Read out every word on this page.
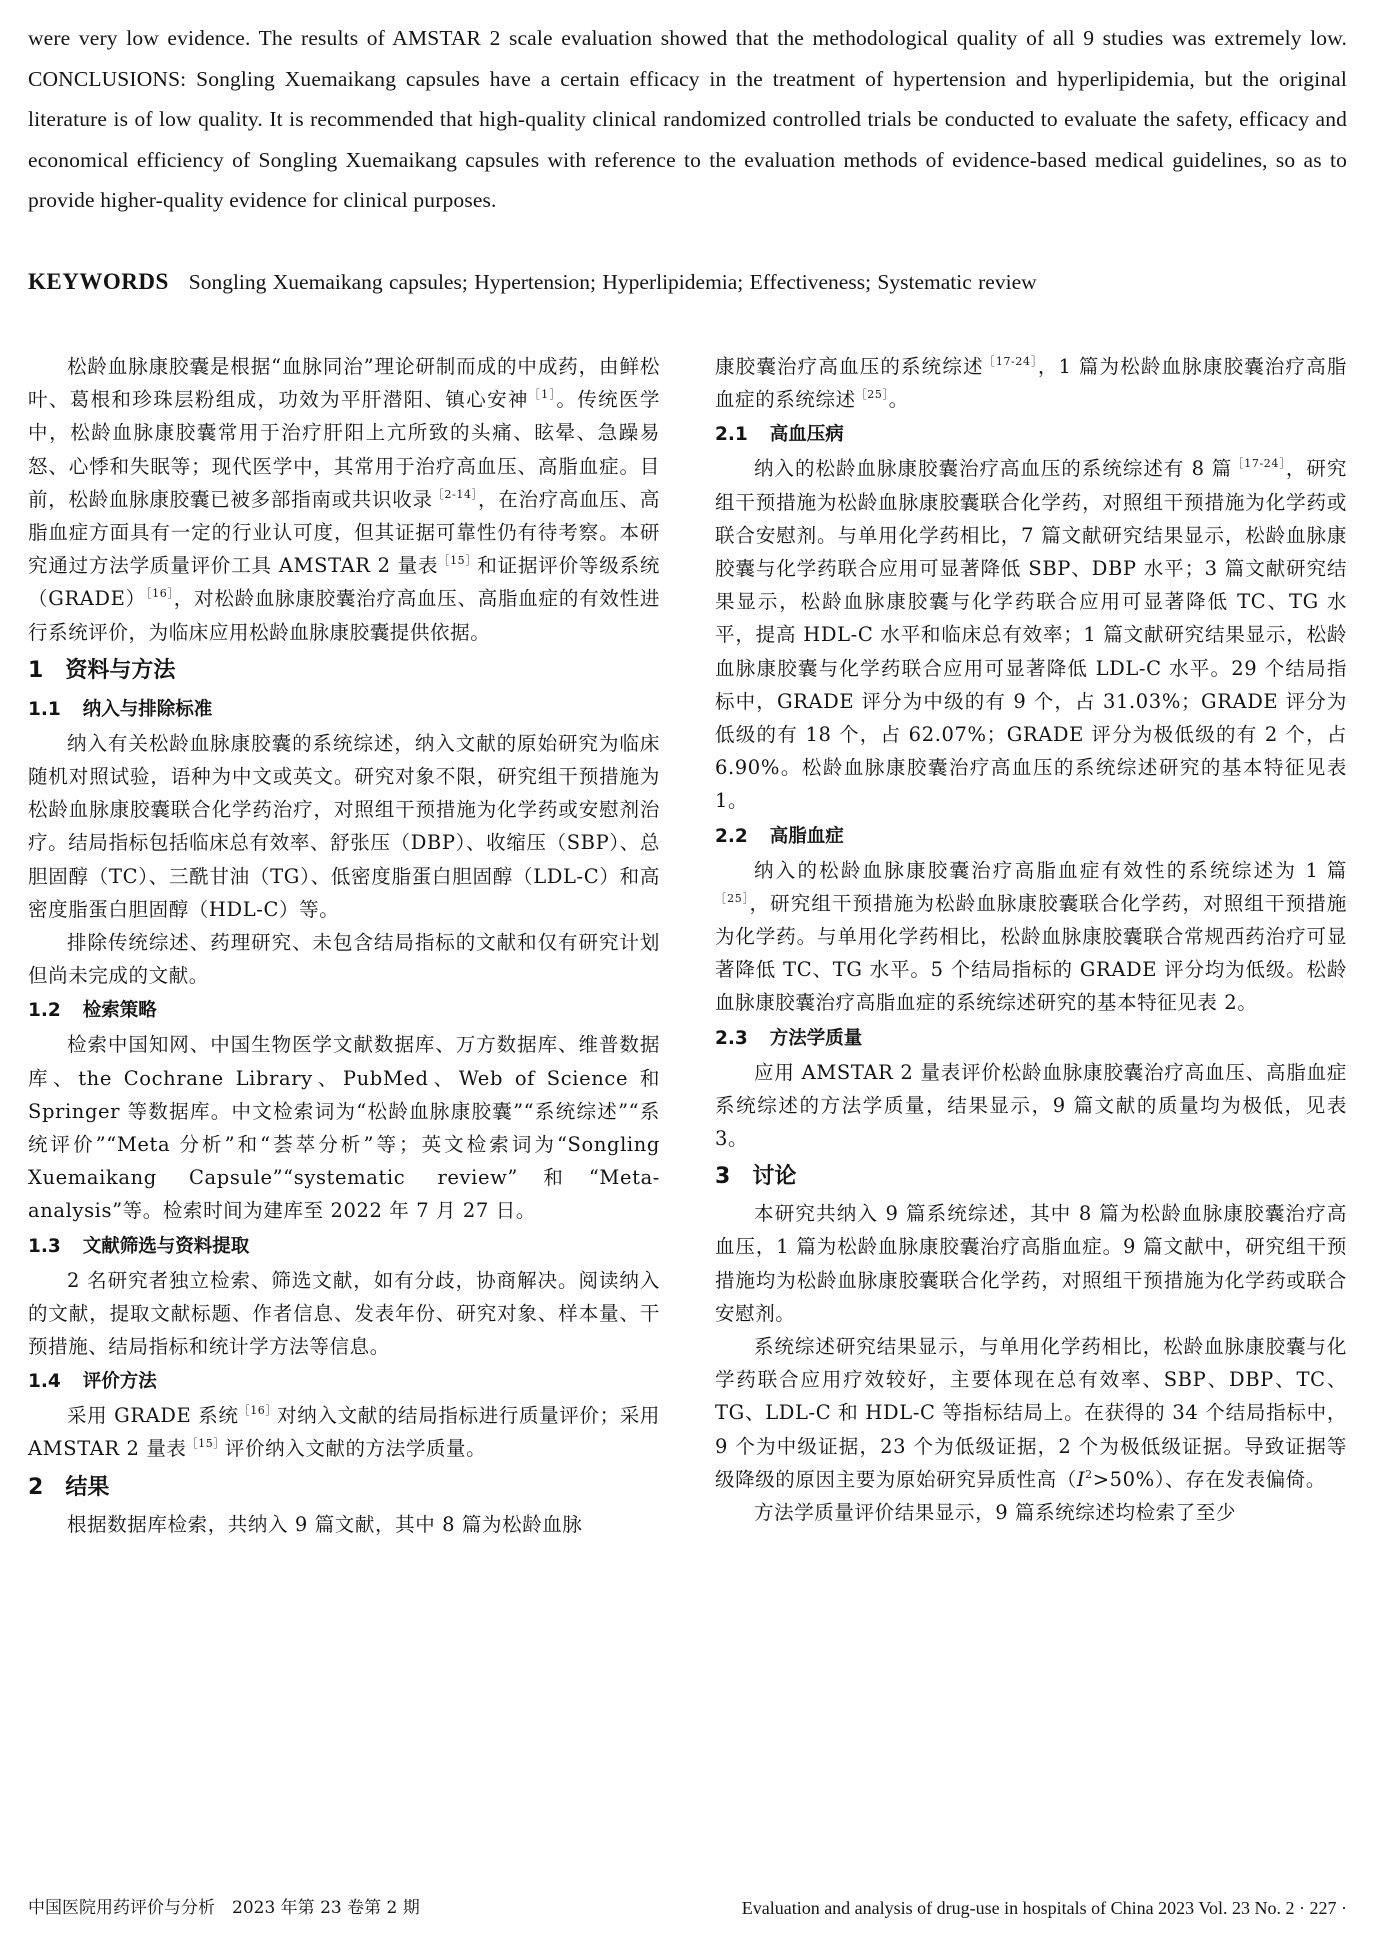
were very low evidence. The results of AMSTAR 2 scale evaluation showed that the methodological quality of all 9 studies was extremely low. CONCLUSIONS: Songling Xuemaikang capsules have a certain efficacy in the treatment of hypertension and hyperlipidemia, but the original literature is of low quality. It is recommended that high-quality clinical randomized controlled trials be conducted to evaluate the safety, efficacy and economical efficiency of Songling Xuemaikang capsules with reference to the evaluation methods of evidence-based medical guidelines, so as to provide higher-quality evidence for clinical purposes.
KEYWORDS Songling Xuemaikang capsules; Hypertension; Hyperlipidemia; Effectiveness; Systematic review

松龄血脉康胶囊是根据“血脉同治”理论研制而成的中成药，由鲜松叶、葛根和珍珠层粉组成，功效为平肝潜阳、镇心安神$^{[1]}$。传统医学中，松龄血脉康胶囊常用于治疗肝阳上亢所致的头痛、眩晕、急躁易怒、心悸和失眠等；现代医学中，其常用于治疗高血压、高脂血症。目前，松龄血脉康胶囊已被多部指南或共识收录$^{[2-14]}$，在治疗高血压、高脂血症方面具有一定的行业认可度，但其证据可靠性仍有待考察。本研究通过方法学质量评价工具 AMSTAR 2 量表$^{[15]}$和证据评价等级系统（GRADE）$^{[16]}$，对松龄血脉康胶囊治疗高血压、高脂血症的有效性进行系统评价，为临床应用松龄血脉康胶囊提供依据。

1 资料与方法
1.1 纳入与排除标准

纳入有关松龄血脉康胶囊的系统综述，纳入文献的原始研究为临床随机对照试验，语种为中文或英文。研究对象不限，研究组干预措施为松龄血脉康胶囊联合化学药治疗，对照组干预措施为化学药或安慰剂治疗。结局指标包括临床总有效率、舒张压（DBP）、收缩压（SBP）、总胆固醇（TC）、三酰甘油（TG）、低密度脂蛋白胆固醇（LDL-C）和高密度脂蛋白胆固醇（HDL-C）等。

排除传统综述、药理研究、未包含结局指标的文献和仅有研究计划但尚未完成的文献。

1.2 检索策略

检索中国知网、中国生物医学文献数据库、万方数据库、维普数据库、the Cochrane Library、PubMed、Web of Science 和 Springer 等数据库。中文检索词为“松龄血脉康胶囊”“系统综述”“系统评价”“Meta 分析”和“荟萃分析”等；英文检索词为“Songling Xuemaikang Capsule”“systematic review”和“Meta-analysis”等。检索时间为建库至 2022 年 7 月 27 日。

1.3 文献筛选与资料提取

2 名研究者独立检索、筛选文献，如有分歧，协商解决。阅读纳入的文献，提取文献标题、作者信息、发表年份、研究对象、样本量、干预措施、结局指标和统计学方法等信息。

1.4 评价方法

采用 GRADE 系统$^{[16]}$对纳入文献的结局指标进行质量评价；采用 AMSTAR 2 量表$^{[15]}$评价纳入文献的方法学质量。

2 结果

根据数据库检索，共纳入 9 篇文献，其中 8 篇为松龄血脉

康胶囊治疗高血压的系统综述$^{[17-24]}$，1 篇为松龄血脉康胶囊治疗高脂血症的系统综述$^{[25]}$。

2.1 高血压病

纳入的松龄血脉康胶囊治疗高血压的系统综述有 8 篇$^{[17-24]}$，研究组干预措施为松龄血脉康胶囊联合化学药，对照组干预措施为化学药或联合安慰剂。与单用化学药相比，7 篇文献研究结果显示，松龄血脉康胶囊与化学药联合应用可显著降低 SBP、DBP 水平；3 篇文献研究结果显示，松龄血脉康胶囊与化学药联合应用可显著降低 TC、TG 水平，提高 HDL-C 水平和临床总有效率；1 篇文献研究结果显示，松龄血脉康胶囊与化学药联合应用可显著降低 LDL-C 水平。29 个结局指标中，GRADE 评分为中级的有 9 个，占 31.03%；GRADE 评分为低级的有 18 个，占 62.07%；GRADE 评分为极低级的有 2 个，占 6.90%。松龄血脉康胶囊治疗高血压的系统综述研究的基本特征见表 1。

2.2 高脂血症

纳入的松龄血脉康胶囊治疗高脂血症有效性的系统综述为 1 篇$^{[25]}$，研究组干预措施为松龄血脉康胶囊联合化学药，对照组干预措施为化学药。与单用化学药相比，松龄血脉康胶囊联合常规西药治疗可显著降低 TC、TG 水平。5 个结局指标的 GRADE 评分均为低级。松龄血脉康胶囊治疗高脂血症的系统综述研究的基本特征见表 2。

2.3 方法学质量

应用 AMSTAR 2 量表评价松龄血脉康胶囊治疗高血压、高脂血症系统综述的方法学质量，结果显示，9 篇文献的质量均为极低，见表 3。

3 讨论

本研究共纳入 9 篇系统综述，其中 8 篇为松龄血脉康胶囊治疗高血压，1 篇为松龄血脉康胶囊治疗高脂血症。9 篇文献中，研究组干预措施均为松龄血脉康胶囊联合化学药，对照组干预措施为化学药或联合安慰剂。

系统综述研究结果显示，与单用化学药相比，松龄血脉康胶囊与化学药联合应用疗效较好，主要体现在总有效率、SBP、DBP、TC、TG、LDL-C 和 HDL-C 等指标结局上。在获得的 34 个结局指标中，9 个为中级证据，23 个为低级证据，2 个为极低级证据。导致证据等级降级的原因主要为原始研究异质性高$(I^2>50\%)$、存在发表偏倚。

方法学质量评价结果显示，9 篇系统综述均检索了至少

中国医院用药评价与分析　2023 年第 23 卷第 2 期	Evaluation and analysis of drug-use in hospitals of China 2023 Vol. 23 No. 2 · 227 ·
